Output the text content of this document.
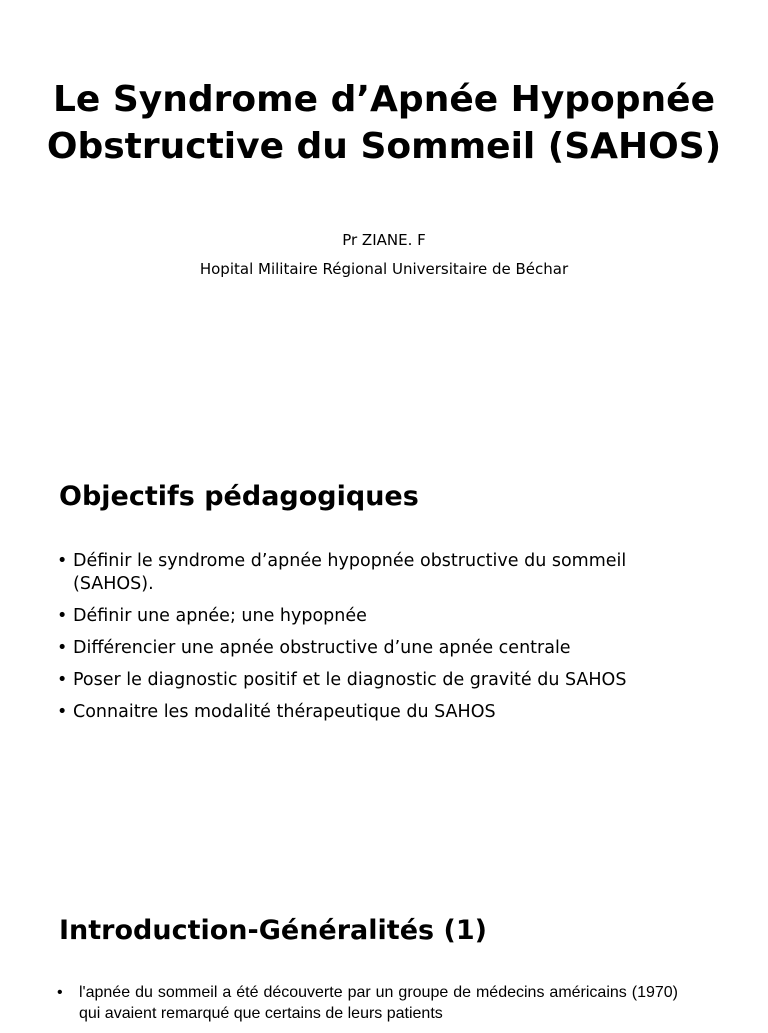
Le Syndrome d’Apnée Hypopnée Obstructive du Sommeil (SAHOS)
Pr ZIANE. F
Hopital Militaire Régional Universitaire de Béchar
Objectifs pédagogiques
• Définir le syndrome d’apnée hypopnée obstructive du sommeil (SAHOS).
• Définir une apnée; une hypopnée
• Différencier une apnée obstructive d’une apnée centrale
• Poser le diagnostic positif et le diagnostic de gravité du SAHOS
• Connaitre les modalité thérapeutique du SAHOS
Introduction-Généralités (1)
• l'apnée du sommeil a été découverte par un groupe de médecins américains (1970) qui avaient remarqué que certains de leurs patients
